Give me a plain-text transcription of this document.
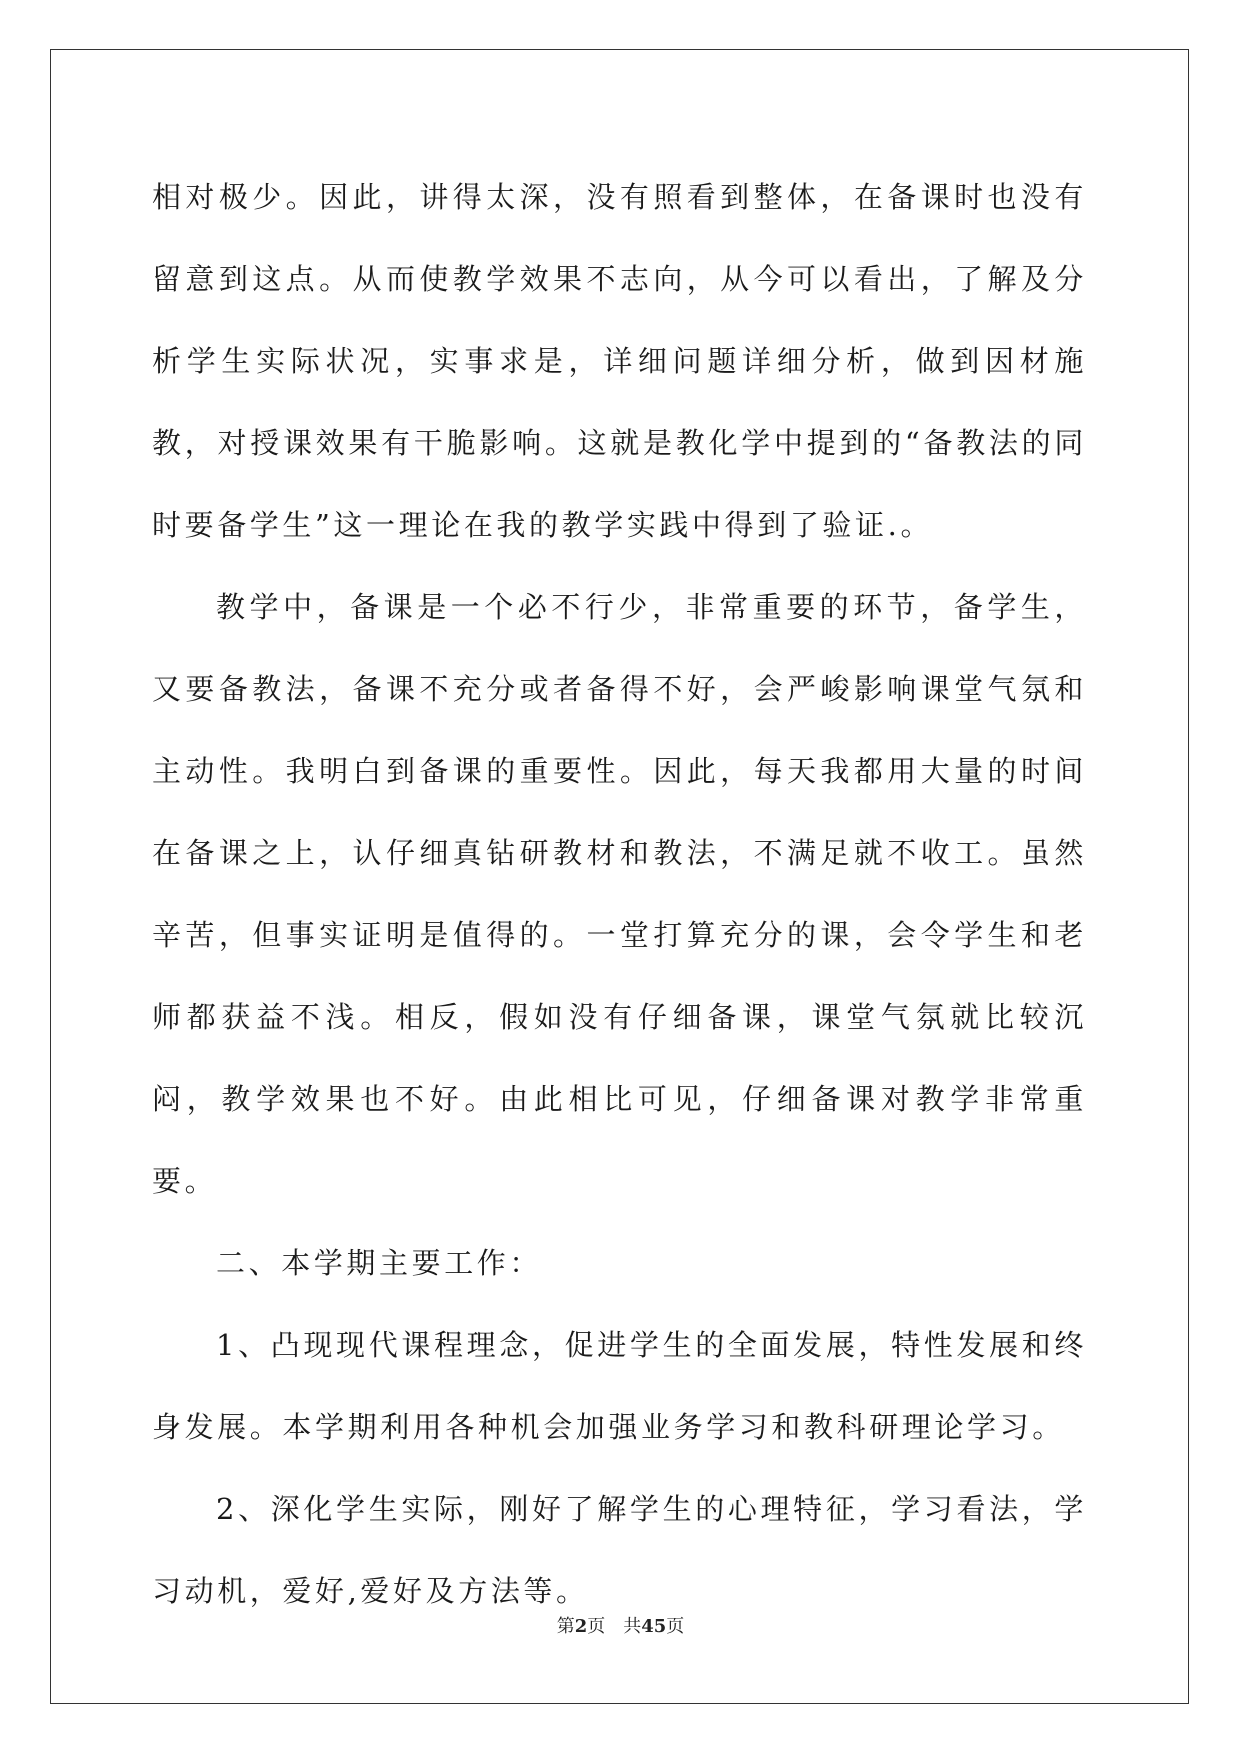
相对极少。因此，讲得太深，没有照看到整体，在备课时也没有留意到这点。从而使教学效果不志向，从今可以看出，了解及分析学生实际状况，实事求是，详细问题详细分析，做到因材施教，对授课效果有干脆影响。这就是教化学中提到的“备教法的同时要备学生”这一理论在我的教学实践中得到了验证.。

教学中，备课是一个必不行少，非常重要的环节，备学生，又要备教法，备课不充分或者备得不好，会严峻影响课堂气氛和主动性。我明白到备课的重要性。因此，每天我都用大量的时间在备课之上，认仔细真钻研教材和教法，不满足就不收工。虽然辛苦，但事实证明是值得的。一堂打算充分的课，会令学生和老师都获益不浅。相反，假如没有仔细备课，课堂气氛就比较沉闷，教学效果也不好。由此相比可见，仔细备课对教学非常重要。

二、本学期主要工作：

1、凸现现代课程理念，促进学生的全面发展，特性发展和终身发展。本学期利用各种机会加强业务学习和教科研理论学习。

2、深化学生实际，刚好了解学生的心理特征，学习看法，学习动机，爱好,爱好及方法等。

第2页 共45页
